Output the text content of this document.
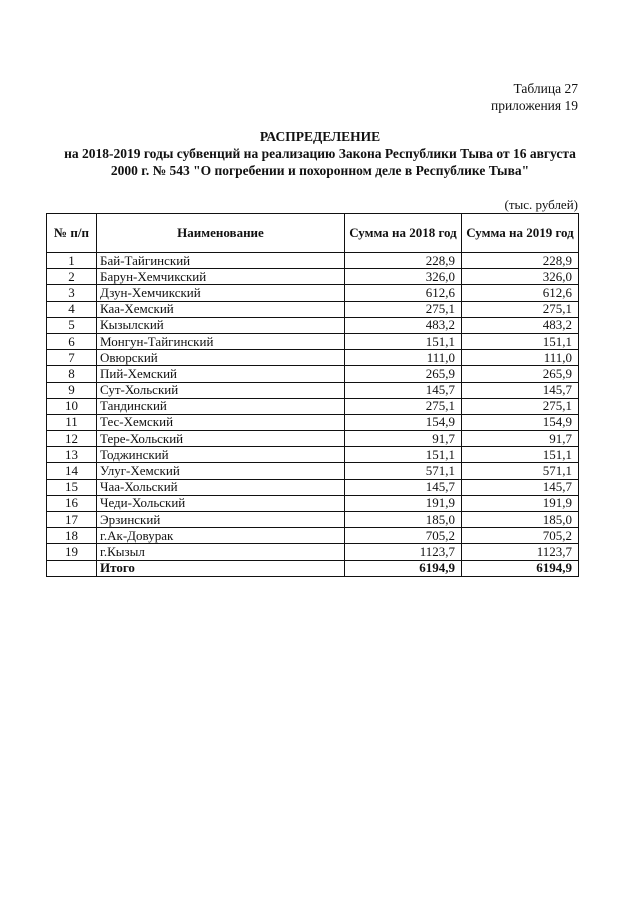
Таблица 27
приложения 19
РАСПРЕДЕЛЕНИЕ
на 2018-2019 годы субвенций на реализацию Закона Республики Тыва от 16 августа
2000 г. № 543 "О погребении и похоронном деле в Республике Тыва"
(тыс. рублей)
№ п/п	Наименование	Сумма на 2018 год	Сумма на 2019 год
1	Бай-Тайгинский	228,9	228,9
2	Барун-Хемчикский	326,0	326,0
3	Дзун-Хемчикский	612,6	612,6
4	Каа-Хемский	275,1	275,1
5	Кызылский	483,2	483,2
6	Монгун-Тайгинский	151,1	151,1
7	Овюрский	111,0	111,0
8	Пий-Хемский	265,9	265,9
9	Сут-Хольский	145,7	145,7
10	Тандинский	275,1	275,1
11	Тес-Хемский	154,9	154,9
12	Тере-Хольский	91,7	91,7
13	Тоджинский	151,1	151,1
14	Улуг-Хемский	571,1	571,1
15	Чаа-Хольский	145,7	145,7
16	Чеди-Хольский	191,9	191,9
17	Эрзинский	185,0	185,0
18	г.Ак-Довурак	705,2	705,2
19	г.Кызыл	1123,7	1123,7
	Итого	6194,9	6194,9
